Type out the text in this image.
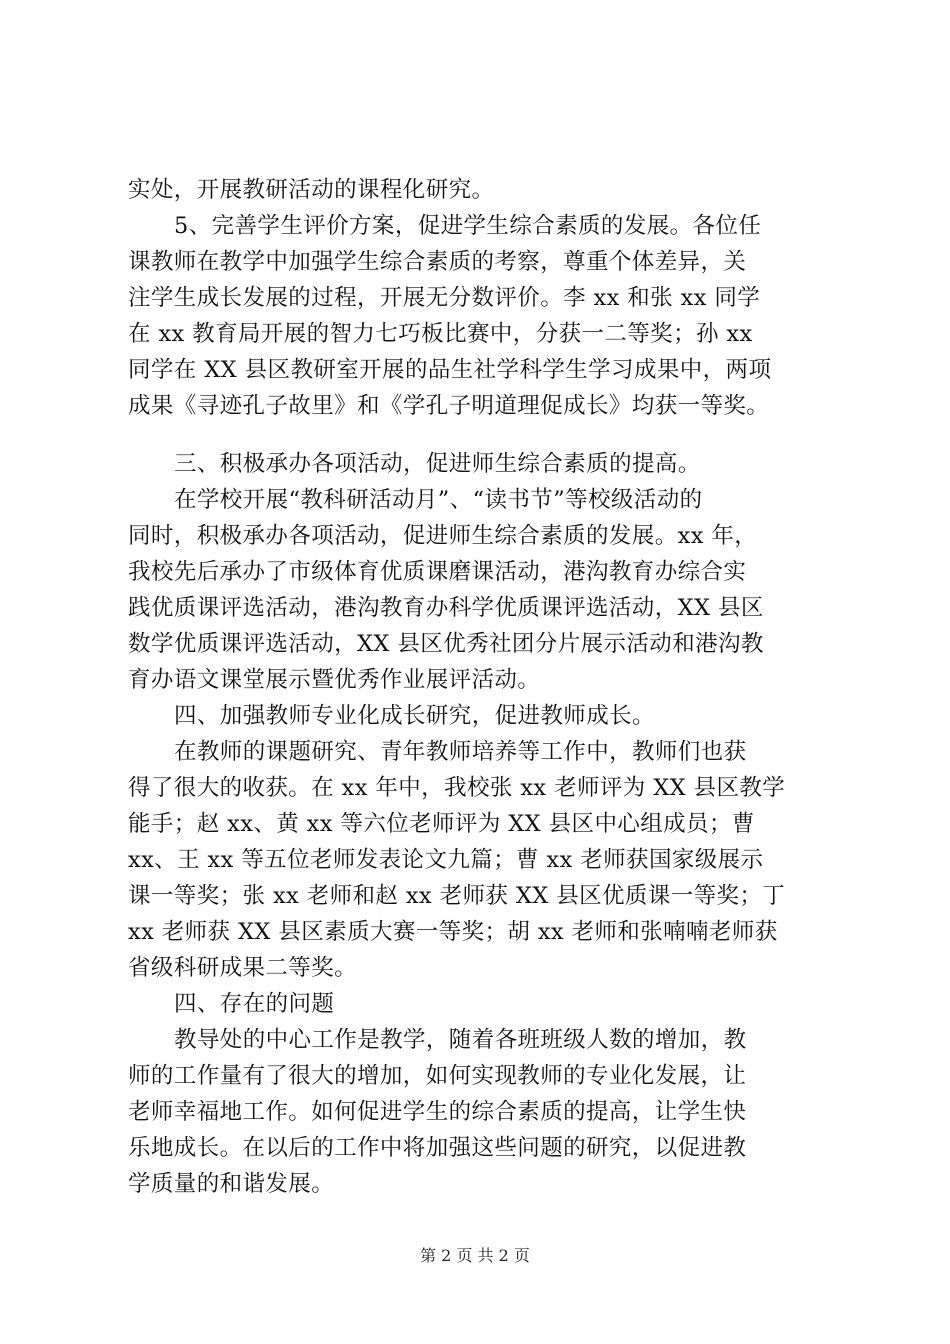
实处，开展教研活动的课程化研究。
5、完善学生评价方案，促进学生综合素质的发展。各位任
课教师在教学中加强学生综合素质的考察，尊重个体差异，关
注学生成长发展的过程，开展无分数评价。李 xx 和张 xx 同学
在 xx 教育局开展的智力七巧板比赛中，分获一二等奖；孙 xx
同学在 XX 县区教研室开展的品生社学科学生学习成果中，两项
成果《寻迹孔子故里》和《学孔子明道理促成长》均获一等奖。
三、积极承办各项活动，促进师生综合素质的提高。
在学校开展“教科研活动月”、“读书节”等校级活动的
同时，积极承办各项活动，促进师生综合素质的发展。xx 年，
我校先后承办了市级体育优质课磨课活动，港沟教育办综合实
践优质课评选活动，港沟教育办科学优质课评选活动，XX 县区
数学优质课评选活动，XX 县区优秀社团分片展示活动和港沟教
育办语文课堂展示暨优秀作业展评活动。
四、加强教师专业化成长研究，促进教师成长。
在教师的课题研究、青年教师培养等工作中，教师们也获
得了很大的收获。在 xx 年中，我校张 xx 老师评为 XX 县区教学
能手；赵 xx、黄 xx 等六位老师评为 XX 县区中心组成员；曹
xx、王 xx 等五位老师发表论文九篇；曹 xx 老师获国家级展示
课一等奖；张 xx 老师和赵 xx 老师获 XX 县区优质课一等奖；丁
xx 老师获 XX 县区素质大赛一等奖；胡 xx 老师和张喃喃老师获
省级科研成果二等奖。
四、存在的问题
教导处的中心工作是教学，随着各班班级人数的增加，教
师的工作量有了很大的增加，如何实现教师的专业化发展，让
老师幸福地工作。如何促进学生的综合素质的提高，让学生快
乐地成长。在以后的工作中将加强这些问题的研究，以促进教
学质量的和谐发展。
第 2 页 共 2 页
